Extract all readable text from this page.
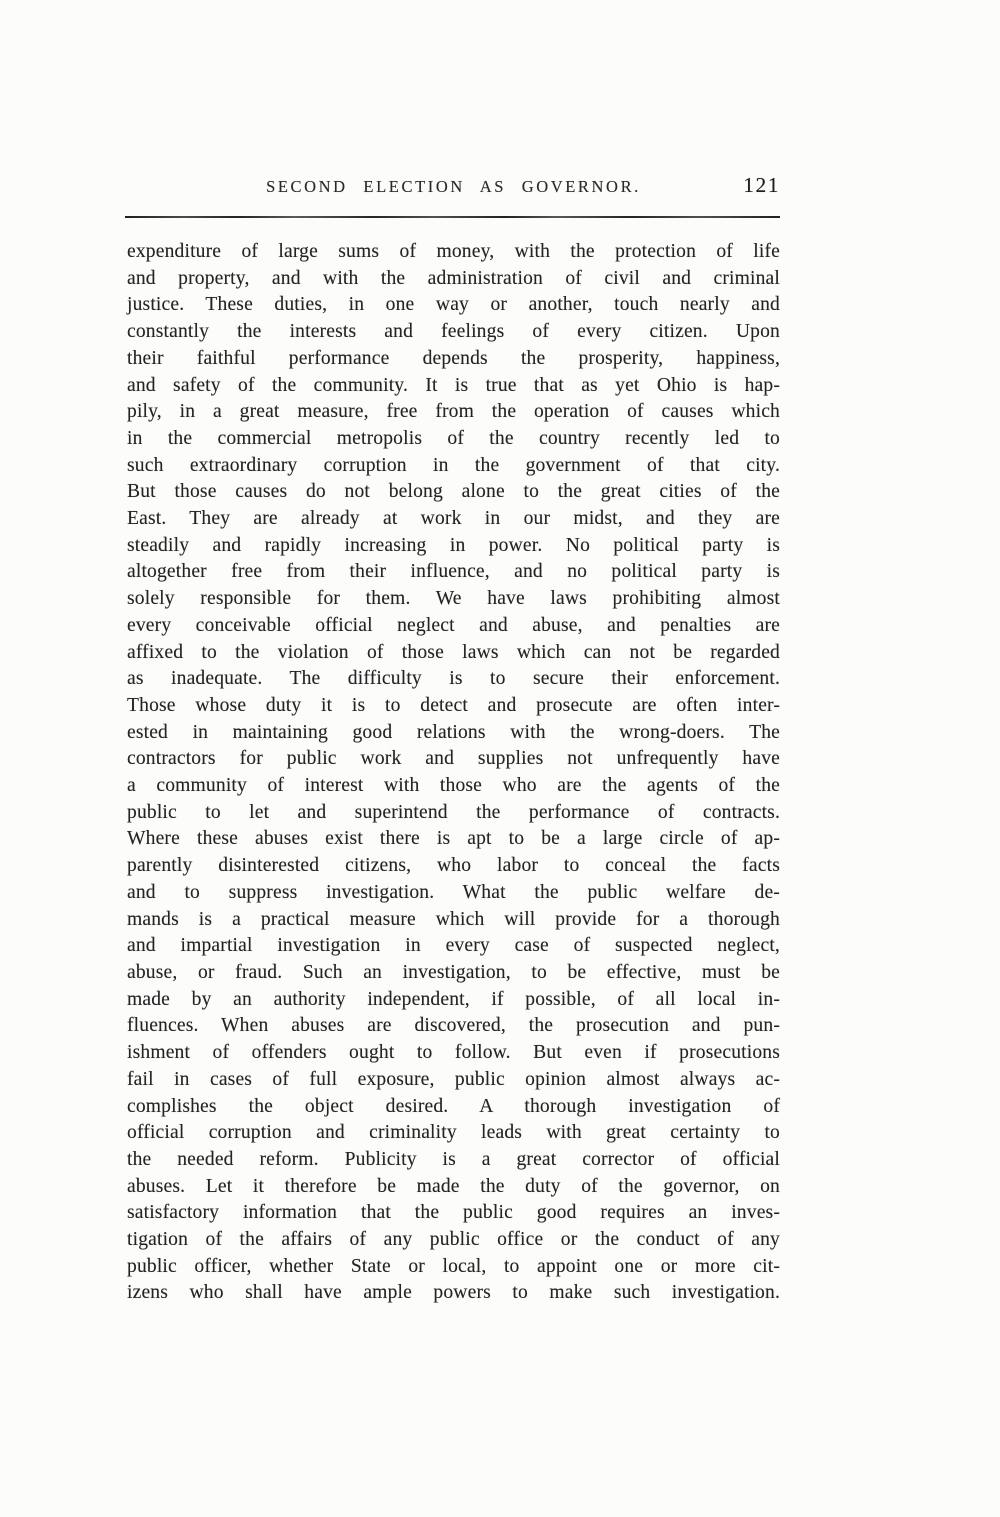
SECOND ELECTION AS GOVERNOR.	121
expenditure of large sums of money, with the protection of life
and property, and with the administration of civil and criminal
justice. These duties, in one way or another, touch nearly and
constantly the interests and feelings of every citizen. Upon
their faithful performance depends the prosperity, happiness,
and safety of the community. It is true that as yet Ohio is hap-
pily, in a great measure, free from the operation of causes which
in the commercial metropolis of the country recently led to
such extraordinary corruption in the government of that city.
But those causes do not belong alone to the great cities of the
East. They are already at work in our midst, and they are
steadily and rapidly increasing in power. No political party is
altogether free from their influence, and no political party is
solely responsible for them. We have laws prohibiting almost
every conceivable official neglect and abuse, and penalties are
affixed to the violation of those laws which can not be regarded
as inadequate. The difficulty is to secure their enforcement.
Those whose duty it is to detect and prosecute are often inter-
ested in maintaining good relations with the wrong-doers. The
contractors for public work and supplies not unfrequently have
a community of interest with those who are the agents of the
public to let and superintend the performance of contracts.
Where these abuses exist there is apt to be a large circle of ap-
parently disinterested citizens, who labor to conceal the facts
and to suppress investigation. What the public welfare de-
mands is a practical measure which will provide for a thorough
and impartial investigation in every case of suspected neglect,
abuse, or fraud. Such an investigation, to be effective, must be
made by an authority independent, if possible, of all local in-
fluences. When abuses are discovered, the prosecution and pun-
ishment of offenders ought to follow. But even if prosecutions
fail in cases of full exposure, public opinion almost always ac-
complishes the object desired. A thorough investigation of
official corruption and criminality leads with great certainty to
the needed reform. Publicity is a great corrector of official
abuses. Let it therefore be made the duty of the governor, on
satisfactory information that the public good requires an inves-
tigation of the affairs of any public office or the conduct of any
public officer, whether State or local, to appoint one or more cit-
izens who shall have ample powers to make such investigation.
